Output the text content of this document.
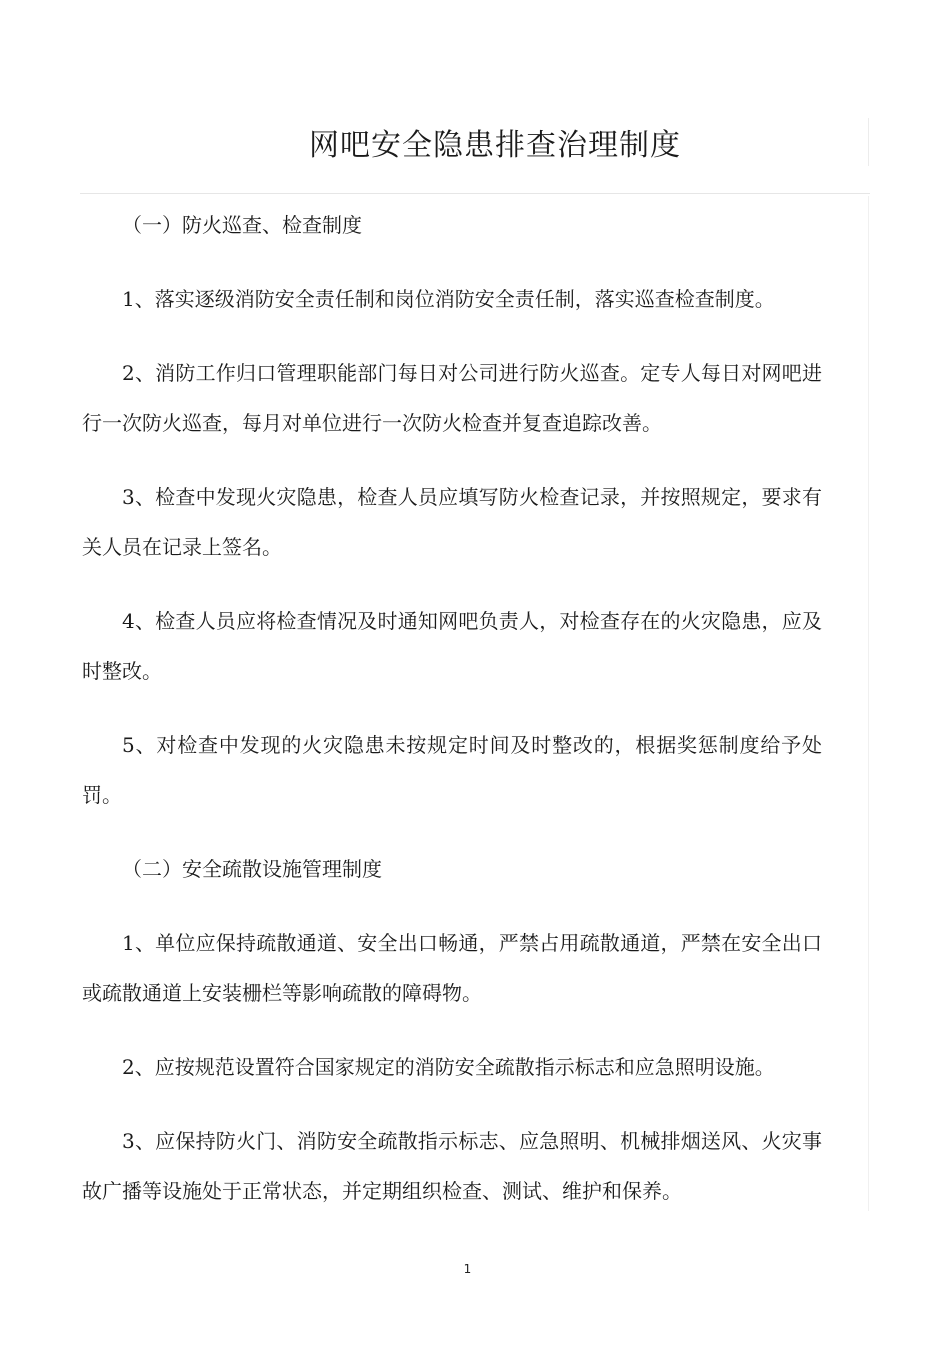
网吧安全隐患排查治理制度

（一）防火巡查、检查制度

1、落实逐级消防安全责任制和岗位消防安全责任制，落实巡查检查制度。

2、消防工作归口管理职能部门每日对公司进行防火巡查。定专人每日对网吧进行一次防火巡查，每月对单位进行一次防火检查并复查追踪改善。

3、检查中发现火灾隐患，检查人员应填写防火检查记录，并按照规定，要求有关人员在记录上签名。

4、检查人员应将检查情况及时通知网吧负责人，对检查存在的火灾隐患，应及时整改。

5、对检查中发现的火灾隐患未按规定时间及时整改的，根据奖惩制度给予处罚。

（二）安全疏散设施管理制度

1、单位应保持疏散通道、安全出口畅通，严禁占用疏散通道，严禁在安全出口或疏散通道上安装栅栏等影响疏散的障碍物。

2、应按规范设置符合国家规定的消防安全疏散指示标志和应急照明设施。

3、应保持防火门、消防安全疏散指示标志、应急照明、机械排烟送风、火灾事故广播等设施处于正常状态，并定期组织检查、测试、维护和保养。

1
